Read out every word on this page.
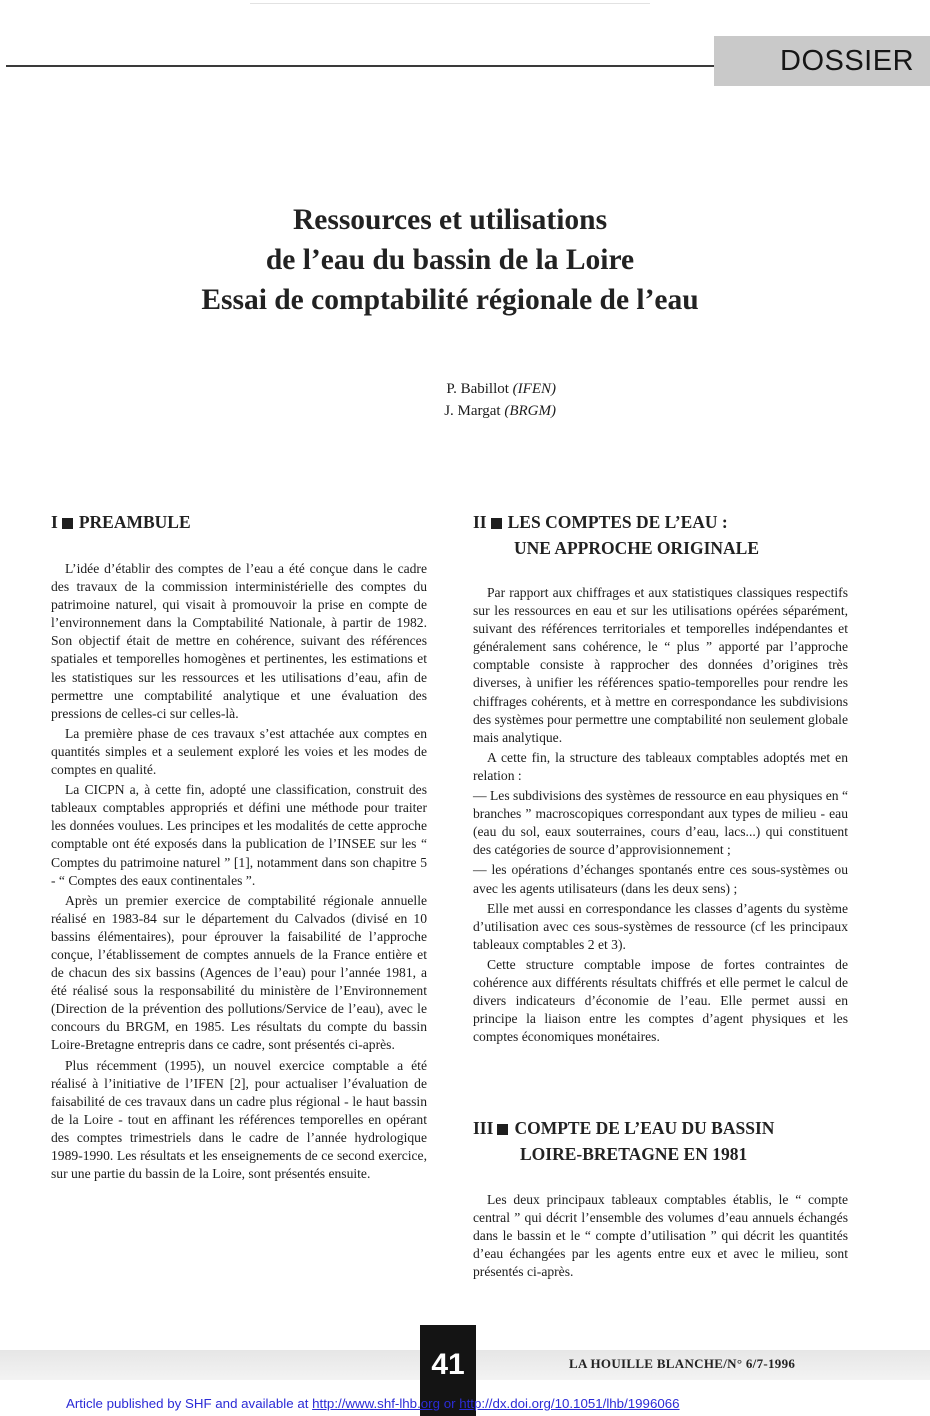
DOSSIER
Ressources et utilisations
de l’eau du bassin de la Loire
Essai de comptabilité régionale de l’eau
P. Babillot (IFEN)
J. Margat (BRGM)
I PREAMBULE

L’idée d’établir des comptes de l’eau a été conçue dans le cadre des travaux de la commission interministérielle des comptes du patrimoine naturel, qui visait à promouvoir la prise en compte de l’environnement dans la Comptabilité Nationale, à partir de 1982. Son objectif était de mettre en cohérence, suivant des références spatiales et temporelles homogènes et pertinentes, les estimations et les statistiques sur les ressources et les utilisations d’eau, afin de permettre une comptabilité analytique et une évaluation des pressions de celles-ci sur celles-là.

La première phase de ces travaux s’est attachée aux comptes en quantités simples et a seulement exploré les voies et les modes de comptes en qualité.

La CICPN a, à cette fin, adopté une classification, construit des tableaux comptables appropriés et défini une méthode pour traiter les données voulues. Les principes et les modalités de cette approche comptable ont été exposés dans la publication de l’INSEE sur les “ Comptes du patrimoine naturel ” [1], notamment dans son chapitre 5 - “ Comptes des eaux continentales ”.

Après un premier exercice de comptabilité régionale annuelle réalisé en 1983-84 sur le département du Calvados (divisé en 10 bassins élémentaires), pour éprouver la faisabilité de l’approche conçue, l’établissement de comptes annuels de la France entière et de chacun des six bassins (Agences de l’eau) pour l’année 1981, a été réalisé sous la responsabilité du ministère de l’Environnement (Direction de la prévention des pollutions/Service de l’eau), avec le concours du BRGM, en 1985. Les résultats du compte du bassin Loire-Bretagne entrepris dans ce cadre, sont présentés ci-après.

Plus récemment (1995), un nouvel exercice comptable a été réalisé à l’initiative de l’IFEN [2], pour actualiser l’évaluation de faisabilité de ces travaux dans un cadre plus régional - le haut bassin de la Loire - tout en affinant les références temporelles en opérant des comptes trimestriels dans le cadre de l’année hydrologique 1989-1990. Les résultats et les enseignements de ce second exercice, sur une partie du bassin de la Loire, sont présentés ensuite.

II LES COMPTES DE L’EAU :
UNE APPROCHE ORIGINALE

Par rapport aux chiffrages et aux statistiques classiques respectifs sur les ressources en eau et sur les utilisations opérées séparément, suivant des références territoriales et temporelles indépendantes et généralement sans cohérence, le “ plus ” apporté par l’approche comptable consiste à rapprocher des données d’origines très diverses, à unifier les références spatio-temporelles pour rendre les chiffrages cohérents, et à mettre en correspondance les subdivisions des systèmes pour permettre une comptabilité non seulement globale mais analytique.

A cette fin, la structure des tableaux comptables adoptés met en relation :

— Les subdivisions des systèmes de ressource en eau physiques en “ branches ” macroscopiques correspondant aux types de milieu - eau (eau du sol, eaux souterraines, cours d’eau, lacs...) qui constituent des catégories de source d’approvisionnement ;

— les opérations d’échanges spontanés entre ces sous-systèmes ou avec les agents utilisateurs (dans les deux sens) ;

Elle met aussi en correspondance les classes d’agents du système d’utilisation avec ces sous-systèmes de ressource (cf les principaux tableaux comptables 2 et 3).

Cette structure comptable impose de fortes contraintes de cohérence aux différents résultats chiffrés et elle permet le calcul de divers indicateurs d’économie de l’eau. Elle permet aussi en principe la liaison entre les comptes d’agent physiques et les comptes économiques monétaires.

III COMPTE DE L’EAU DU BASSIN
LOIRE-BRETAGNE EN 1981

Les deux principaux tableaux comptables établis, le “ compte central ” qui décrit l’ensemble des volumes d’eau annuels échangés dans le bassin et le “ compte d’utilisation ” qui décrit les quantités d’eau échangées par les agents entre eux et avec le milieu, sont présentés ci-après.

41	LA HOUILLE BLANCHE/N° 6/7-1996
Article published by SHF and available at http://www.shf-lhb.org or http://dx.doi.org/10.1051/lhb/1996066
